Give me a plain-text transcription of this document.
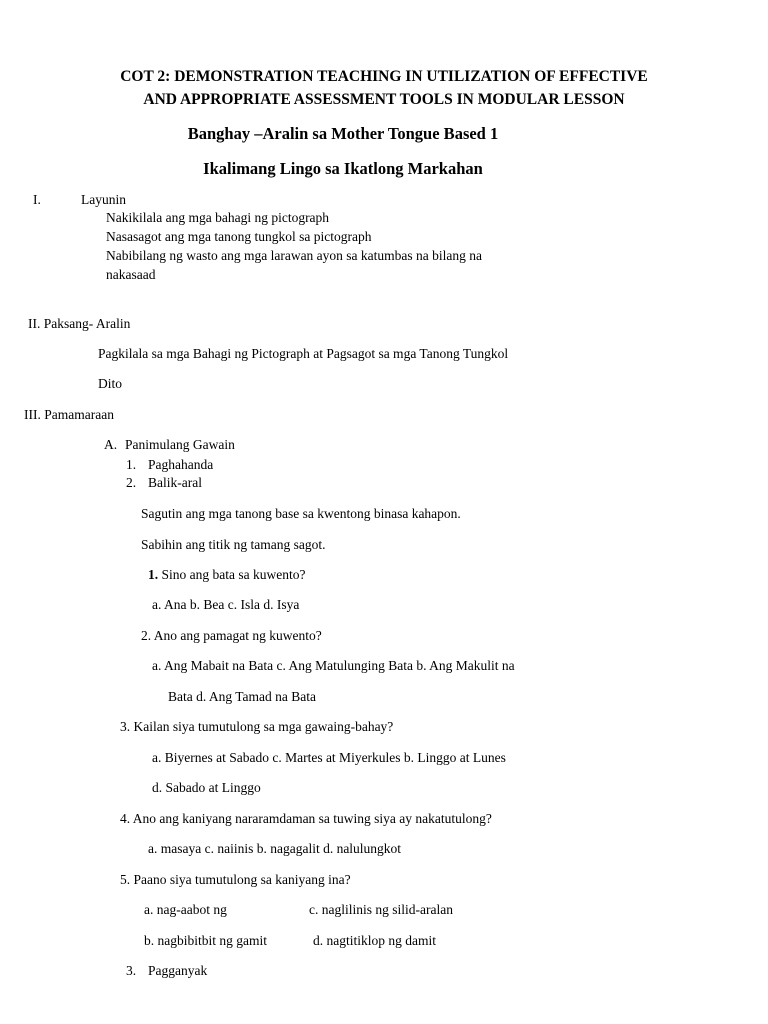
COT 2: DEMONSTRATION TEACHING IN UTILIZATION OF EFFECTIVE
AND APPROPRIATE ASSESSMENT TOOLS IN MODULAR LESSON
Banghay –Aralin sa Mother Tongue Based 1
Ikalimang Lingo sa Ikatlong Markahan
I.	Layunin
Nakikilala ang mga bahagi ng pictograph
Nasasagot ang mga tanong tungkol sa pictograph
Nabibilang ng wasto ang mga larawan ayon sa katumbas na bilang na
nakasaad
II. Paksang- Aralin
Pagkilala sa mga Bahagi ng Pictograph at Pagsagot sa mga Tanong Tungkol
Dito
III. Pamamaraan
A. Panimulang Gawain
1. Paghahanda
2. Balik-aral
Sagutin ang mga tanong base sa kwentong binasa kahapon.
Sabihin ang titik ng tamang sagot.
1. Sino ang bata sa kuwento?
a. Ana b. Bea c. Isla d. Isya
2. Ano ang pamagat ng kuwento?
a. Ang Mabait na Bata c. Ang Matulunging Bata b. Ang Makulit na
Bata d. Ang Tamad na Bata
3. Kailan siya tumutulong sa mga gawaing-bahay?
a. Biyernes at Sabado c. Martes at Miyerkules b. Linggo at Lunes
d. Sabado at Linggo
4. Ano ang kaniyang nararamdaman sa tuwing siya ay nakatutulong?
a. masaya c. naiinis b. nagagalit d. nalulungkot
5. Paano siya tumutulong sa kaniyang ina?
a. nag-aabot ng	c. naglilinis ng silid-aralan
b. nagbibitbit ng gamit	d. nagtitiklop ng damit
3. Pagganyak
